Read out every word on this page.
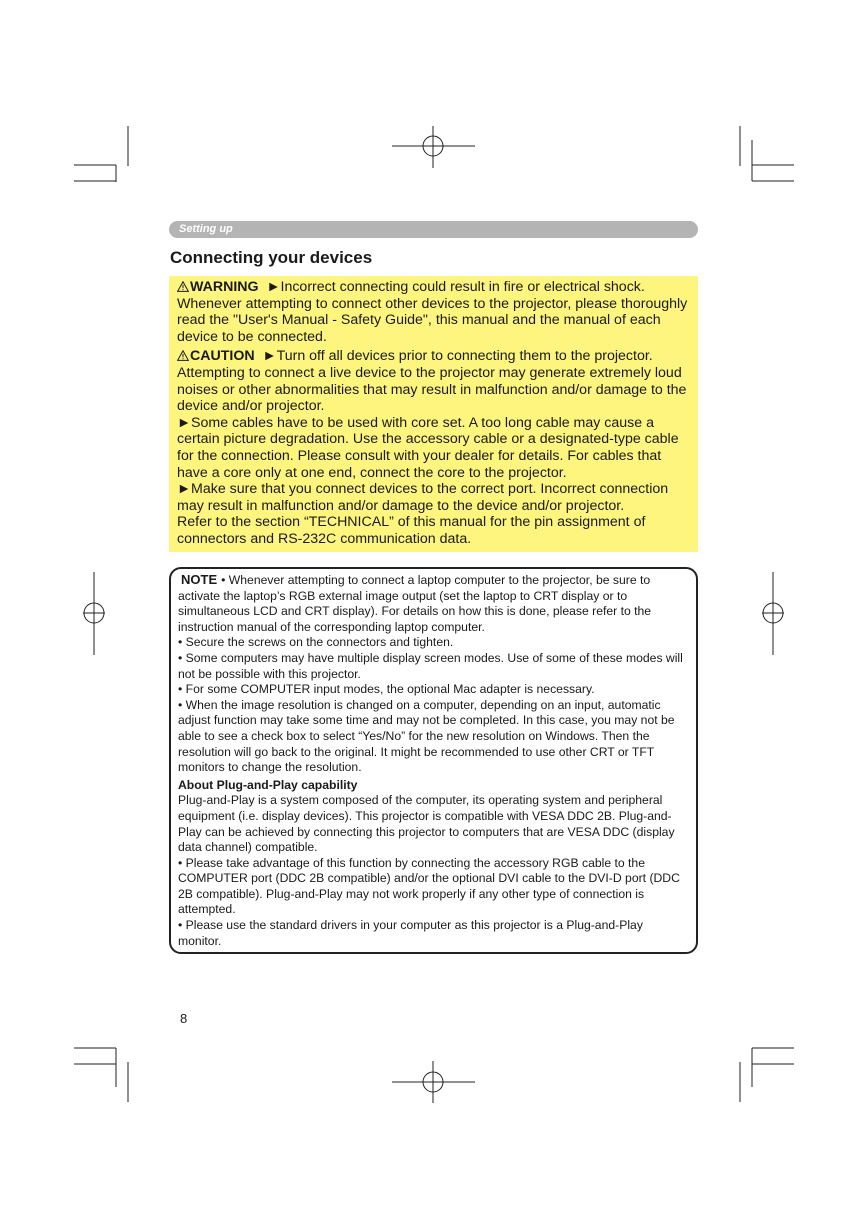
Setting up
Connecting your devices

WARNING ►Incorrect connecting could result in fire or electrical shock. Whenever attempting to connect other devices to the projector, please thoroughly read the "User's Manual - Safety Guide", this manual and the manual of each device to be connected.

CAUTION ►Turn off all devices prior to connecting them to the projector. Attempting to connect a live device to the projector may generate extremely loud noises or other abnormalities that may result in malfunction and/or damage to the device and/or projector.

►Some cables have to be used with core set. A too long cable may cause a certain picture degradation. Use the accessory cable or a designated-type cable for the connection. Please consult with your dealer for details. For cables that have a core only at one end, connect the core to the projector.

►Make sure that you connect devices to the correct port. Incorrect connection may result in malfunction and/or damage to the device and/or projector.

Refer to the section “TECHNICAL” of this manual for the pin assignment of connectors and RS-232C communication data.

NOTE • Whenever attempting to connect a laptop computer to the projector, be sure to activate the laptop’s RGB external image output (set the laptop to CRT display or to simultaneous LCD and CRT display). For details on how this is done, please refer to the instruction manual of the corresponding laptop computer.

• Secure the screws on the connectors and tighten.

• Some computers may have multiple display screen modes. Use of some of these modes will not be possible with this projector.

• For some COMPUTER input modes, the optional Mac adapter is necessary.

• When the image resolution is changed on a computer, depending on an input, automatic adjust function may take some time and may not be completed. In this case, you may not be able to see a check box to select “Yes/No” for the new resolution on Windows. Then the resolution will go back to the original. It might be recommended to use other CRT or TFT monitors to change the resolution.

About Plug-and-Play capability

Plug-and-Play is a system composed of the computer, its operating system and peripheral equipment (i.e. display devices). This projector is compatible with VESA DDC 2B. Plug-and-Play can be achieved by connecting this projector to computers that are VESA DDC (display data channel) compatible.

• Please take advantage of this function by connecting the accessory RGB cable to the COMPUTER port (DDC 2B compatible) and/or the optional DVI cable to the DVI-D port (DDC 2B compatible). Plug-and-Play may not work properly if any other type of connection is attempted.

• Please use the standard drivers in your computer as this projector is a Plug-and-Play monitor.

8
